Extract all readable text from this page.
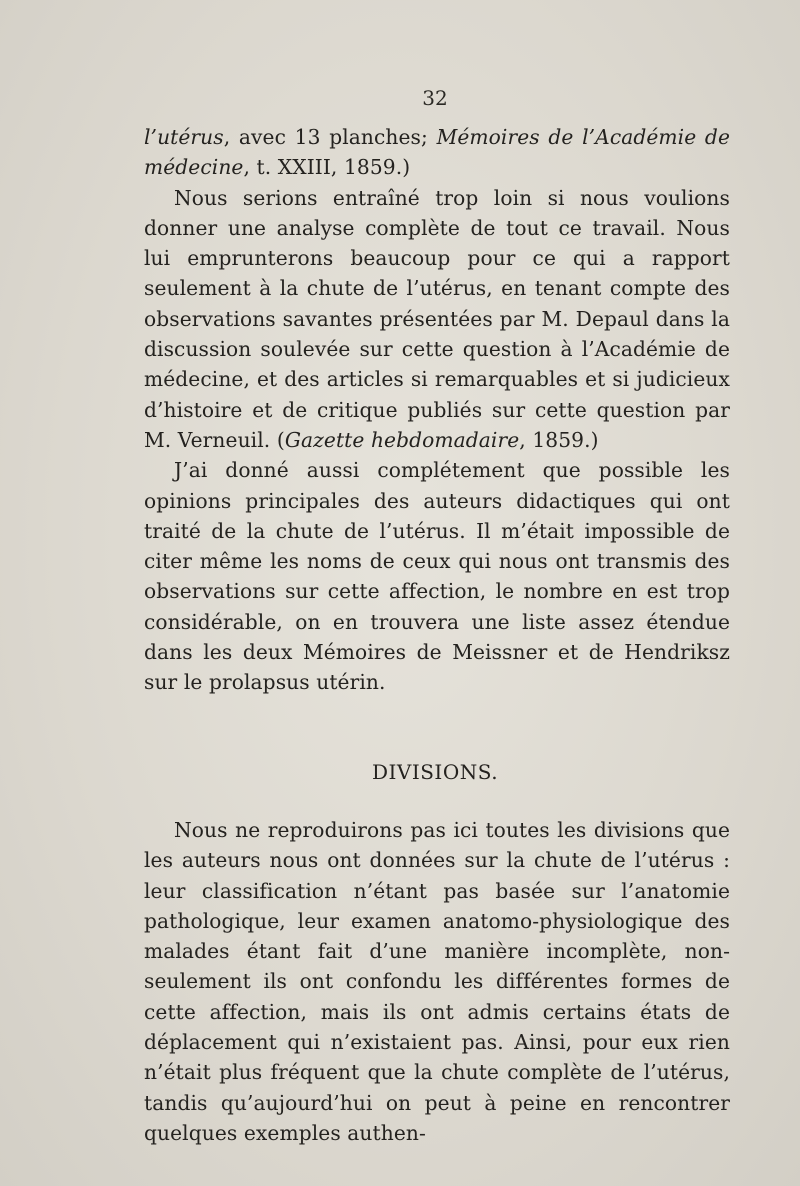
32

l’utérus, avec 13 planches; Mémoires de l’Académie de médecine, t. XXIII, 1859.)

Nous serions entraîné trop loin si nous voulions donner une analyse complète de tout ce travail. Nous lui emprunterons beaucoup pour ce qui a rapport seulement à la chute de l’utérus, en tenant compte des observations savantes présentées par M. Depaul dans la discussion soulevée sur cette question à l’Académie de médecine, et des articles si remarquables et si judicieux d’histoire et de critique publiés sur cette question par M. Verneuil. (Gazette hebdomadaire, 1859.)

J’ai donné aussi complétement que possible les opinions principales des auteurs didactiques qui ont traité de la chute de l’utérus. Il m’était impossible de citer même les noms de ceux qui nous ont transmis des observations sur cette affection, le nombre en est trop considérable, on en trouvera une liste assez étendue dans les deux Mémoires de Meissner et de Hendriksz sur le prolapsus utérin.

DIVISIONS.

Nous ne reproduirons pas ici toutes les divisions que les auteurs nous ont données sur la chute de l’utérus : leur classification n’étant pas basée sur l’anatomie pathologique, leur examen anatomo-physiologique des malades étant fait d’une manière incomplète, non-seulement ils ont confondu les différentes formes de cette affection, mais ils ont admis certains états de déplacement qui n’existaient pas. Ainsi, pour eux rien n’était plus fréquent que la chute complète de l’utérus, tandis qu’aujourd’hui on peut à peine en rencontrer quelques exemples authen-
